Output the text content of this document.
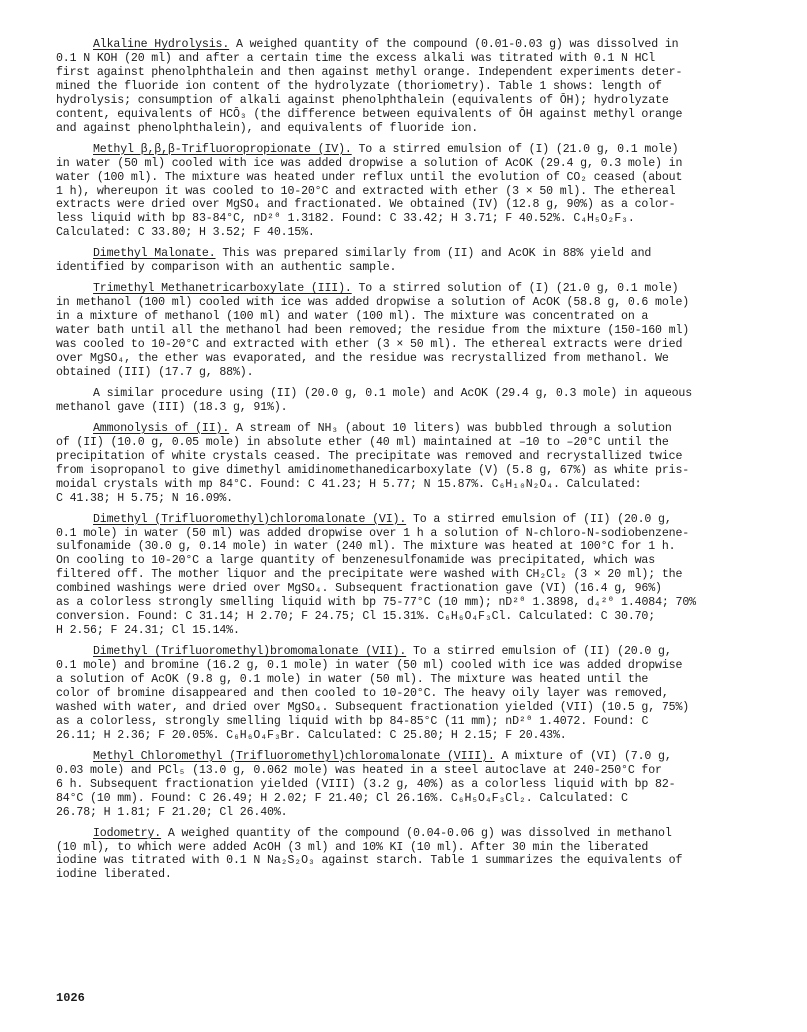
Alkaline Hydrolysis. A weighed quantity of the compound (0.01-0.03 g) was dissolved in
0.1 N KOH (20 ml) and after a certain time the excess alkali was titrated with 0.1 N HCl
first against phenolphthalein and then against methyl orange. Independent experiments deter-
mined the fluoride ion content of the hydrolyzate (thoriometry). Table 1 shows: length of
hydrolysis; consumption of alkali against phenolphthalein (equivalents of ŌH); hydrolyzate
content, equivalents of HCŌ₃ (the difference between equivalents of ŌH against methyl orange
and against phenolphthalein), and equivalents of fluoride ion.
Methyl β,β,β-Trifluoropropionate (IV). To a stirred emulsion of (I) (21.0 g, 0.1 mole)
in water (50 ml) cooled with ice was added dropwise a solution of AcOK (29.4 g, 0.3 mole) in
water (100 ml). The mixture was heated under reflux until the evolution of CO₂ ceased (about
1 h), whereupon it was cooled to 10-20°C and extracted with ether (3 × 50 ml). The ethereal
extracts were dried over MgSO₄ and fractionated. We obtained (IV) (12.8 g, 90%) as a color-
less liquid with bp 83-84°C, nD²⁰ 1.3182. Found: C 33.42; H 3.71; F 40.52%. C₄H₅O₂F₃.
Calculated: C 33.80; H 3.52; F 40.15%.
Dimethyl Malonate. This was prepared similarly from (II) and AcOK in 88% yield and
identified by comparison with an authentic sample.
Trimethyl Methanetricarboxylate (III). To a stirred solution of (I) (21.0 g, 0.1 mole)
in methanol (100 ml) cooled with ice was added dropwise a solution of AcOK (58.8 g, 0.6 mole)
in a mixture of methanol (100 ml) and water (100 ml). The mixture was concentrated on a
water bath until all the methanol had been removed; the residue from the mixture (150-160 ml)
was cooled to 10-20°C and extracted with ether (3 × 50 ml). The ethereal extracts were dried
over MgSO₄, the ether was evaporated, and the residue was recrystallized from methanol. We
obtained (III) (17.7 g, 88%).
A similar procedure using (II) (20.0 g, 0.1 mole) and AcOK (29.4 g, 0.3 mole) in aqueous
methanol gave (III) (18.3 g, 91%).
Ammonolysis of (II). A stream of NH₃ (about 10 liters) was bubbled through a solution
of (II) (10.0 g, 0.05 mole) in absolute ether (40 ml) maintained at –10 to –20°C until the
precipitation of white crystals ceased. The precipitate was removed and recrystallized twice
from isopropanol to give dimethyl amidinomethanedicarboxylate (V) (5.8 g, 67%) as white pris-
moidal crystals with mp 84°C. Found: C 41.23; H 5.77; N 15.87%. C₆H₁₀N₂O₄. Calculated:
C 41.38; H 5.75; N 16.09%.
Dimethyl (Trifluoromethyl)chloromalonate (VI). To a stirred emulsion of (II) (20.0 g,
0.1 mole) in water (50 ml) was added dropwise over 1 h a solution of N-chloro-N-sodiobenzene-
sulfonamide (30.0 g, 0.14 mole) in water (240 ml). The mixture was heated at 100°C for 1 h.
On cooling to 10-20°C a large quantity of benzenesulfonamide was precipitated, which was
filtered off. The mother liquor and the precipitate were washed with CH₂Cl₂ (3 × 20 ml); the
combined washings were dried over MgSO₄. Subsequent fractionation gave (VI) (16.4 g, 96%)
as a colorless strongly smelling liquid with bp 75-77°C (10 mm); nD²⁰ 1.3898, d₄²⁰ 1.4084; 70%
conversion. Found: C 31.14; H 2.70; F 24.75; Cl 15.31%. C₆H₆O₄F₃Cl. Calculated: C 30.70;
H 2.56; F 24.31; Cl 15.14%.
Dimethyl (Trifluoromethyl)bromomalonate (VII). To a stirred emulsion of (II) (20.0 g,
0.1 mole) and bromine (16.2 g, 0.1 mole) in water (50 ml) cooled with ice was added dropwise
a solution of AcOK (9.8 g, 0.1 mole) in water (50 ml). The mixture was heated until the
color of bromine disappeared and then cooled to 10-20°C. The heavy oily layer was removed,
washed with water, and dried over MgSO₄. Subsequent fractionation yielded (VII) (10.5 g, 75%)
as a colorless, strongly smelling liquid with bp 84-85°C (11 mm); nD²⁰ 1.4072. Found: C
26.11; H 2.36; F 20.05%. C₆H₆O₄F₃Br. Calculated: C 25.80; H 2.15; F 20.43%.
Methyl Chloromethyl (Trifluoromethyl)chloromalonate (VIII). A mixture of (VI) (7.0 g,
0.03 mole) and PCl₅ (13.0 g, 0.062 mole) was heated in a steel autoclave at 240-250°C for
6 h. Subsequent fractionation yielded (VIII) (3.2 g, 40%) as a colorless liquid with bp 82-
84°C (10 mm). Found: C 26.49; H 2.02; F 21.40; Cl 26.16%. C₆H₅O₄F₃Cl₂. Calculated: C
26.78; H 1.81; F 21.20; Cl 26.40%.
Iodometry. A weighed quantity of the compound (0.04-0.06 g) was dissolved in methanol
(10 ml), to which were added AcOH (3 ml) and 10% KI (10 ml). After 30 min the liberated
iodine was titrated with 0.1 N Na₂S₂O₃ against starch. Table 1 summarizes the equivalents of
iodine liberated.
1026
